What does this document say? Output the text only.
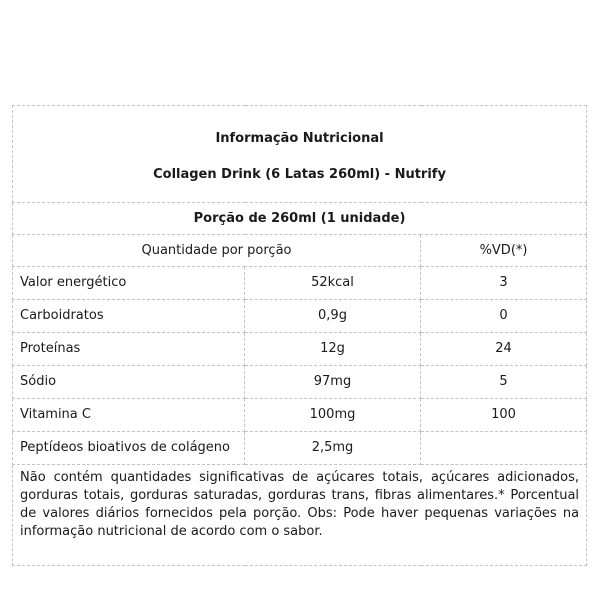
Informação Nutricional
Collagen Drink (6 Latas 260ml) - Nutrify		

Porção de 260ml (1 unidade)		
Quantidade por porção		%VD(*)
Valor energético	52kcal	3
Carboidratos	0,9g	0
Proteínas	12g	24
Sódio	97mg	5
Vitamina C	100mg	100
Peptídeos bioativos de colágeno	2,5mg	
Não contém quantidades significativas de açúcares totais, açúcares adicionados, gorduras totais, gorduras saturadas, gorduras trans, fibras alimentares.* Porcentual de valores diários fornecidos pela porção. Obs: Pode haver pequenas variações na informação nutricional de acordo com o sabor.		
